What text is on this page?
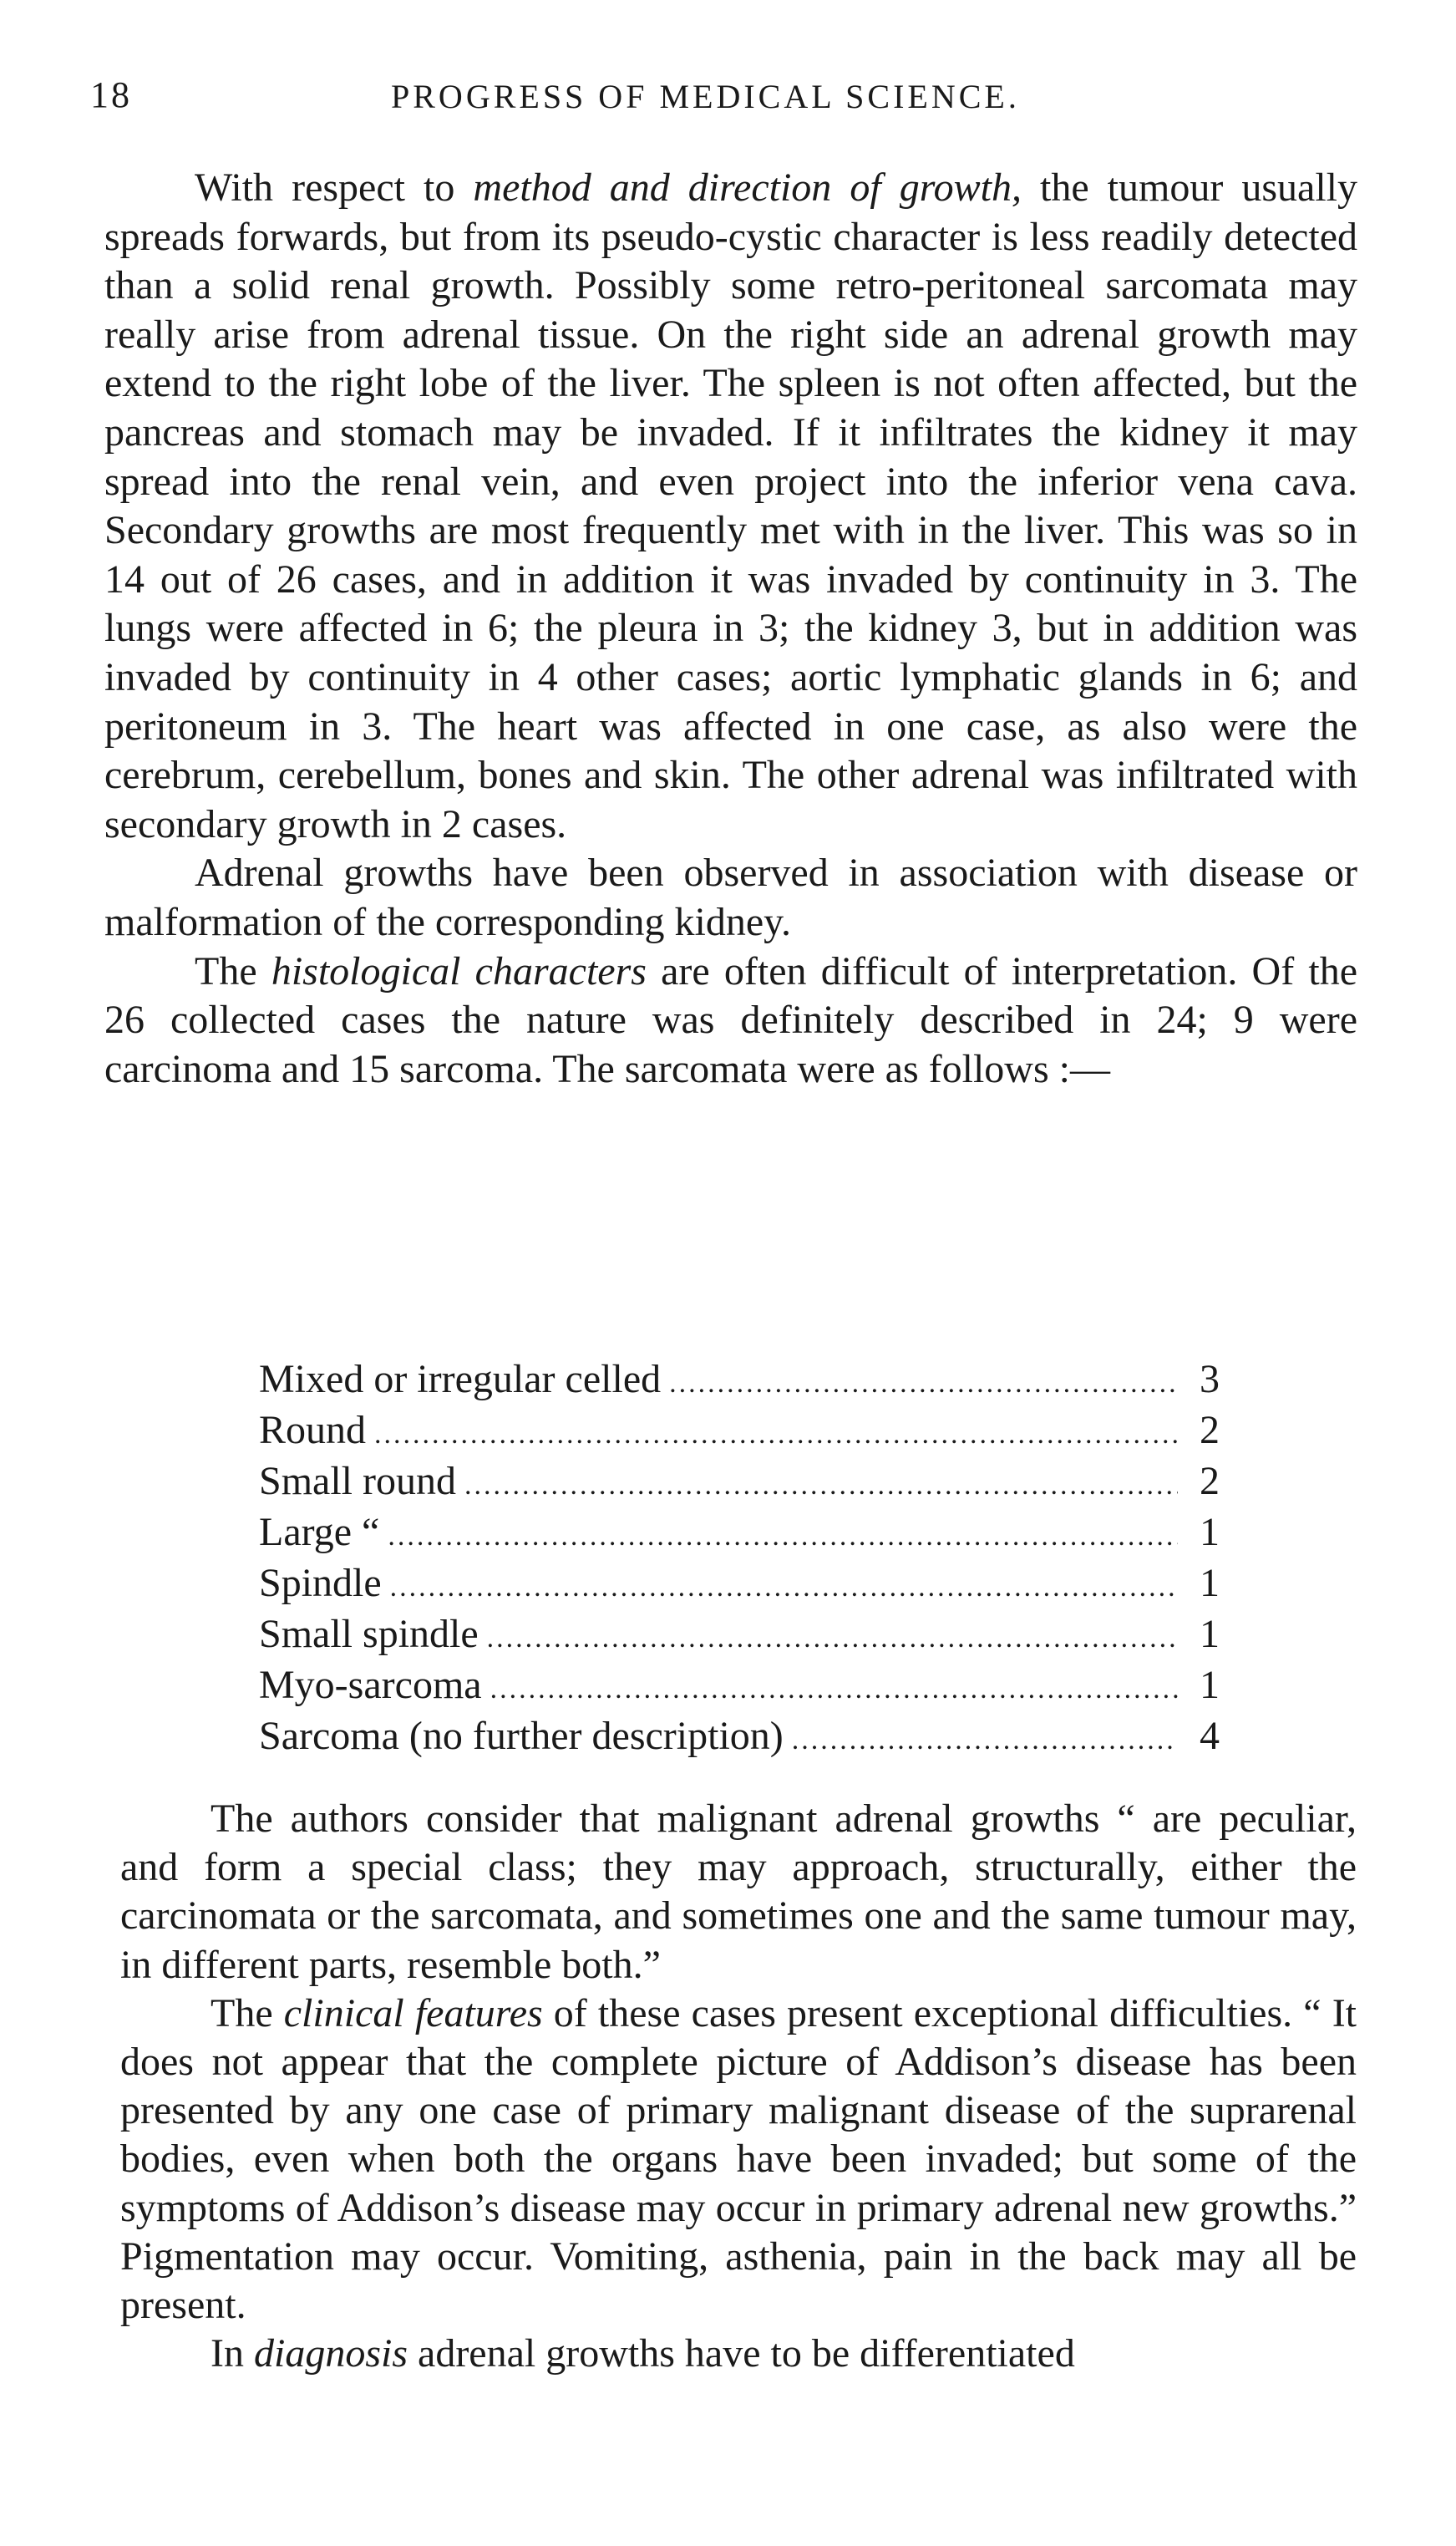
18	PROGRESS OF MEDICAL SCIENCE.

With respect to method and direction of growth, the tumour usually spreads forwards, but from its pseudo-cystic character is less readily detected than a solid renal growth. Possibly some retro-peritoneal sarcomata may really arise from adrenal tissue. On the right side an adrenal growth may extend to the right lobe of the liver. The spleen is not often affected, but the pancreas and stomach may be invaded. If it infiltrates the kidney it may spread into the renal vein, and even project into the inferior vena cava. Secondary growths are most frequently met with in the liver. This was so in 14 out of 26 cases, and in addition it was invaded by continuity in 3. The lungs were affected in 6; the pleura in 3; the kidney 3, but in addition was invaded by continuity in 4 other cases; aortic lymphatic glands in 6; and peritoneum in 3. The heart was affected in one case, as also were the cerebrum, cerebellum, bones and skin. The other adrenal was infiltrated with secondary growth in 2 cases.

Adrenal growths have been observed in association with disease or malformation of the corresponding kidney.

The histological characters are often difficult of interpretation. Of the 26 collected cases the nature was definitely described in 24; 9 were carcinoma and 15 sarcoma. The sarcomata were as follows :—

Mixed or irregular celled .....	3
Round .....	2
Small round .....	2
Large “ .....	1
Spindle .....	1
Small spindle .....	1
Myo-sarcoma .....	1
Sarcoma (no further description) .....	4

The authors consider that malignant adrenal growths “ are peculiar, and form a special class; they may approach, structurally, either the carcinomata or the sarcomata, and sometimes one and the same tumour may, in different parts, resemble both.”

The clinical features of these cases present exceptional difficulties. “ It does not appear that the complete picture of Addison’s disease has been presented by any one case of primary malignant disease of the suprarenal bodies, even when both the organs have been invaded; but some of the symptoms of Addison’s disease may occur in primary adrenal new growths.” Pigmentation may occur. Vomiting, asthenia, pain in the back may all be present.

In diagnosis adrenal growths have to be differentiated
